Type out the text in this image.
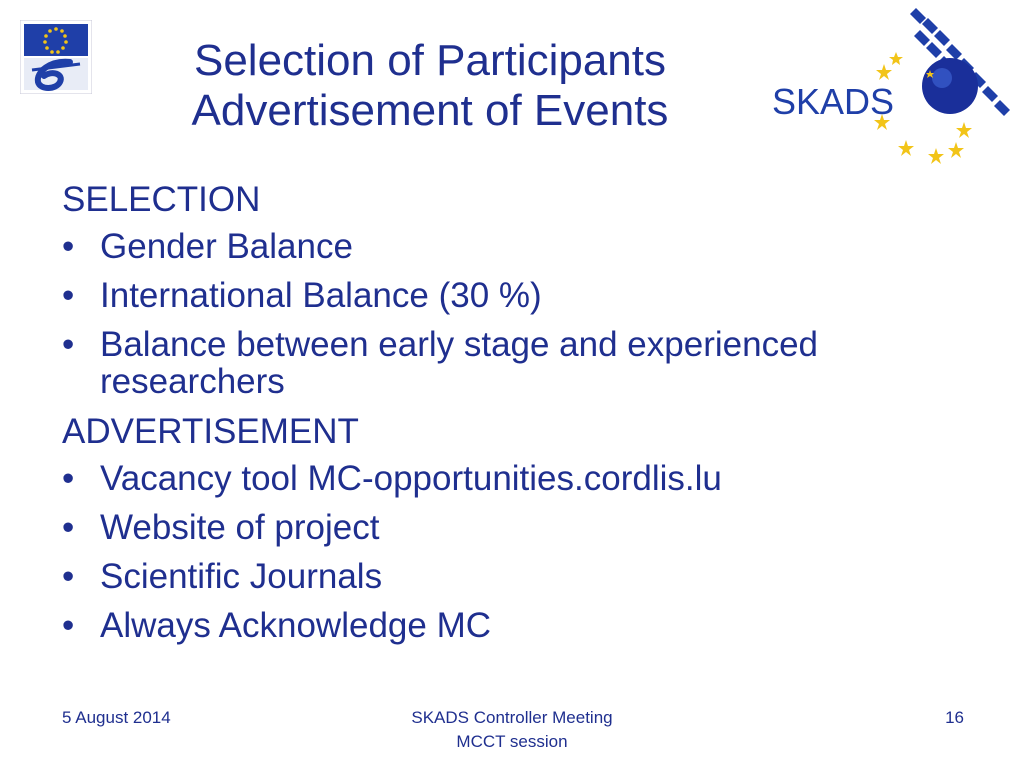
Selection of Participants
Advertisement of Events	SKADS
SELECTION
• Gender Balance
• International Balance (30 %)
• Balance between early stage and experienced researchers
ADVERTISEMENT
• Vacancy tool MC-opportunities.cordlis.lu
• Website of project
• Scientific Journals
• Always Acknowledge MC
5 August 2014	SKADS Controller Meeting
MCCT session
16
